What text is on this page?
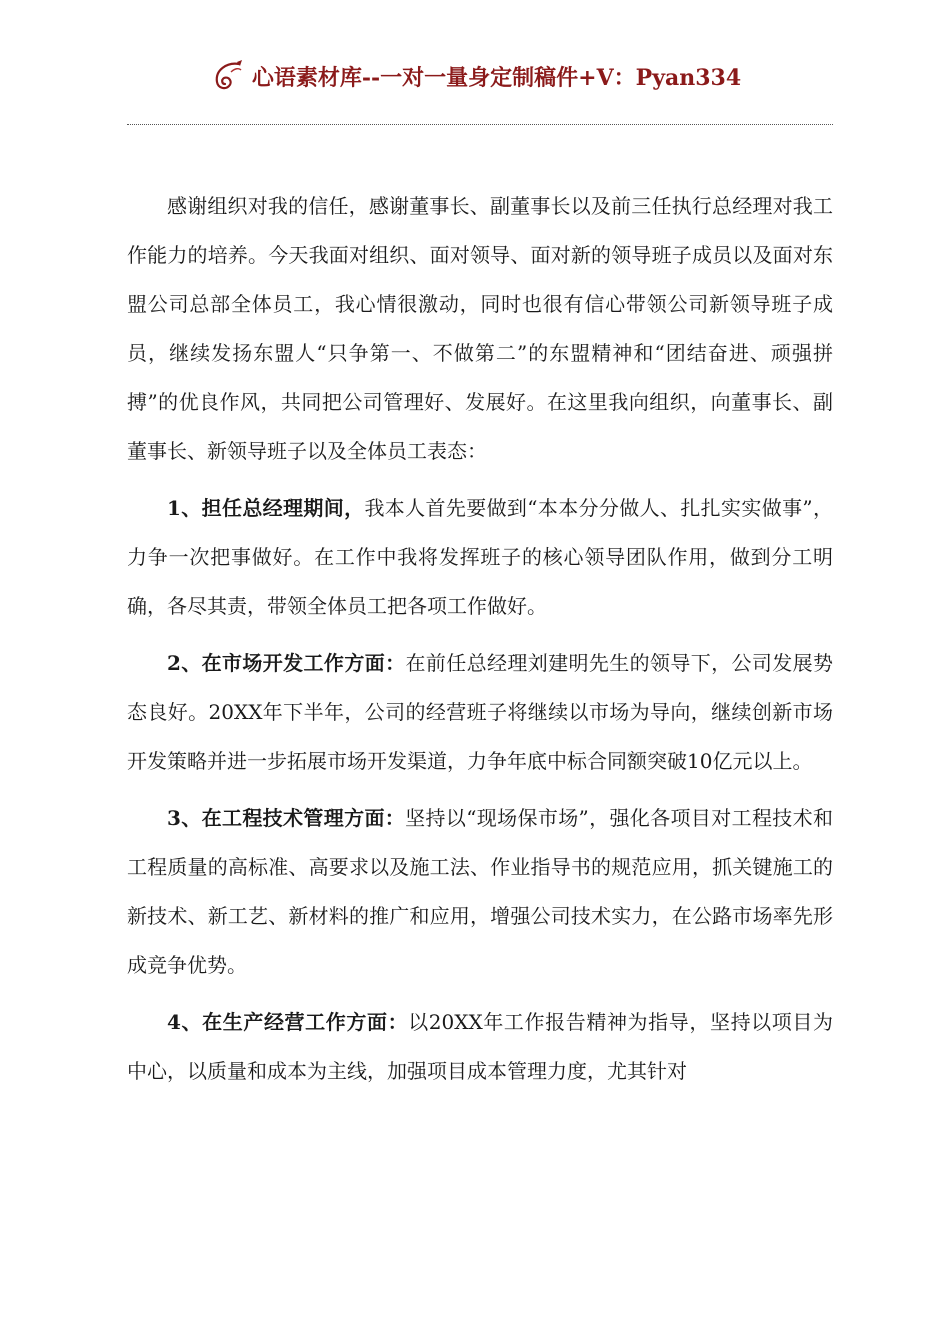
心语素材库--一对一量身定制稿件+V：Pyan334

感谢组织对我的信任，感谢董事长、副董事长以及前三任执行总经理对我工作能力的培养。今天我面对组织、面对领导、面对新的领导班子成员以及面对东盟公司总部全体员工，我心情很激动，同时也很有信心带领公司新领导班子成员，继续发扬东盟人“只争第一、不做第二”的东盟精神和“团结奋进、顽强拼搏”的优良作风，共同把公司管理好、发展好。在这里我向组织，向董事长、副董事长、新领导班子以及全体员工表态：

1、担任总经理期间，我本人首先要做到“本本分分做人、扎扎实实做事”，力争一次把事做好。在工作中我将发挥班子的核心领导团队作用，做到分工明确，各尽其责，带领全体员工把各项工作做好。

2、在市场开发工作方面：在前任总经理刘建明先生的领导下，公司发展势态良好。20XX年下半年，公司的经营班子将继续以市场为导向，继续创新市场开发策略并进一步拓展市场开发渠道，力争年底中标合同额突破10亿元以上。

3、在工程技术管理方面：坚持以“现场保市场”，强化各项目对工程技术和工程质量的高标准、高要求以及施工法、作业指导书的规范应用，抓关键施工的新技术、新工艺、新材料的推广和应用，增强公司技术实力，在公路市场率先形成竞争优势。

4、在生产经营工作方面：以20XX年工作报告精神为指导，坚持以项目为中心，以质量和成本为主线，加强项目成本管理力度，尤其针对
